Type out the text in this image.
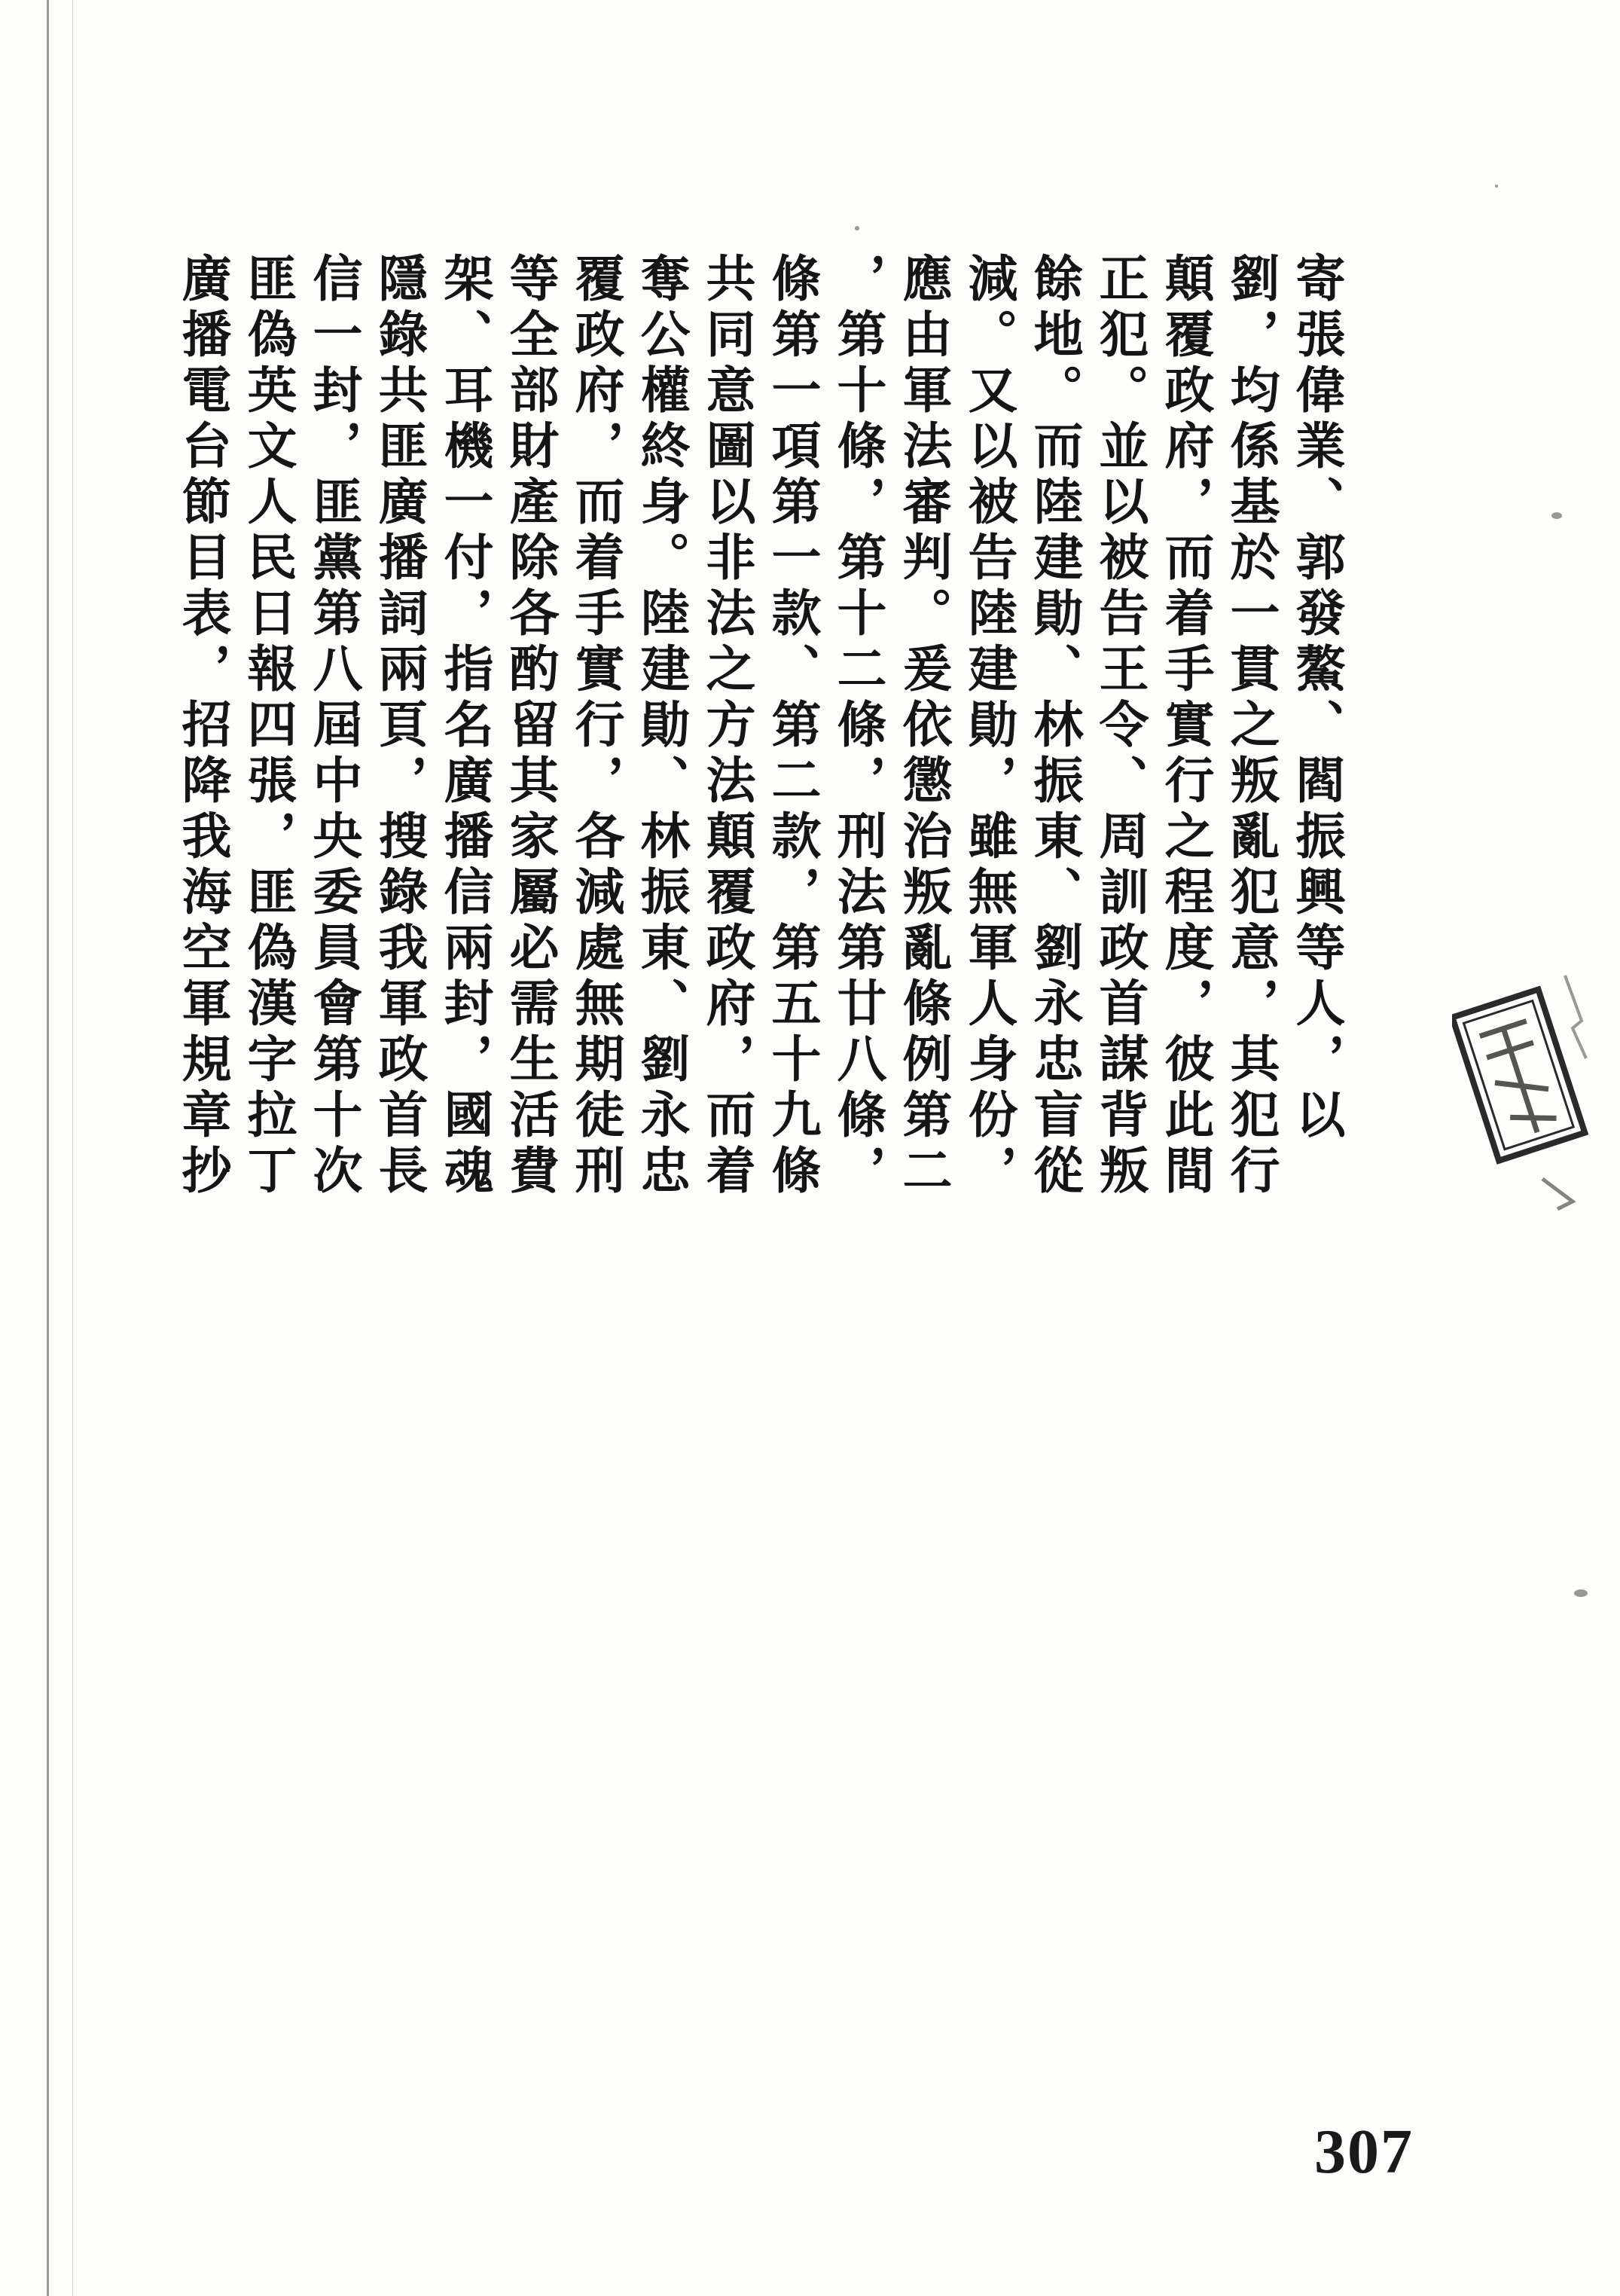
寄張偉業、郭發鰲、閻振興等人，以
劉，均係基於一貫之叛亂犯意，其犯行
顛覆政府，而着手實行之程度，彼此間
正犯。並以被告王令、周訓政首謀背叛
餘地。而陸建勛、林振東、劉永忠盲從
減。又以被告陸建勛，雖無軍人身份，
應由軍法審判。爰依懲治叛亂條例第二
，第十條，第十二條，刑法第廿八條，
條第一項第一款、第二款，第五十九條
共同意圖以非法之方法顛覆政府，而着
奪公權終身。陸建勛、林振東、劉永忠
覆政府，而着手實行，各減處無期徒刑
等全部財產除各酌留其家屬必需生活費
架、耳機一付，指名廣播信兩封，國魂
隱錄共匪廣播詞兩頁，搜錄我軍政首長
信一封，匪黨第八屆中央委員會第十次
匪偽英文人民日報四張，匪偽漢字拉丁
廣播電台節目表，招降我海空軍規章抄
307
